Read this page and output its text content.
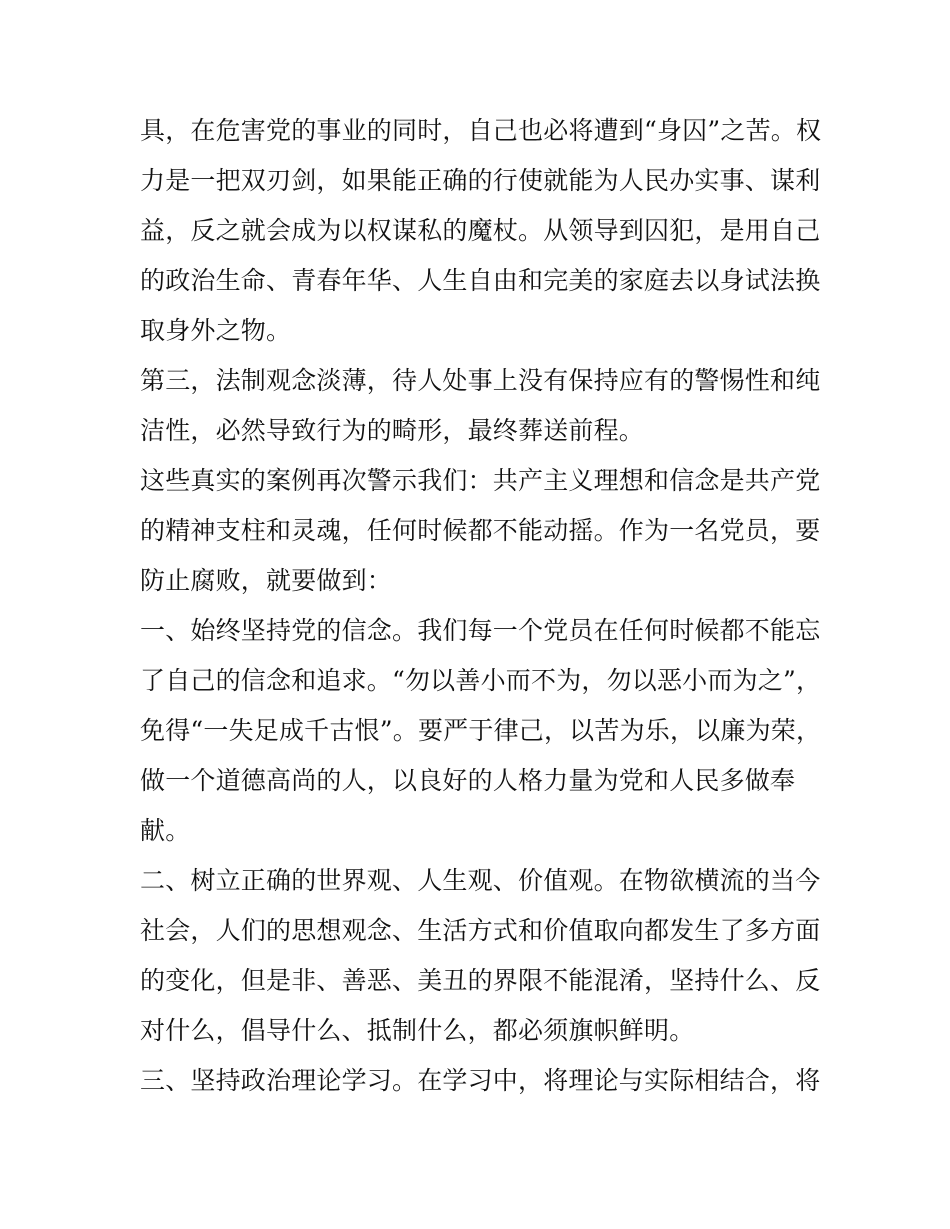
具，在危害党的事业的同时，自己也必将遭到“身囚”之苦。权
力是一把双刃剑，如果能正确的行使就能为人民办实事、谋利
益，反之就会成为以权谋私的魔杖。从领导到囚犯，是用自己
的政治生命、青春年华、人生自由和完美的家庭去以身试法换
取身外之物。
第三，法制观念淡薄，待人处事上没有保持应有的警惕性和纯
洁性，必然导致行为的畸形，最终葬送前程。
这些真实的案例再次警示我们：共产主义理想和信念是共产党
的精神支柱和灵魂，任何时候都不能动摇。作为一名党员，要
防止腐败，就要做到：
一、始终坚持党的信念。我们每一个党员在任何时候都不能忘
了自己的信念和追求。“勿以善小而不为，勿以恶小而为之”，
免得“一失足成千古恨”。要严于律己，以苦为乐，以廉为荣，
做一个道德高尚的人，以良好的人格力量为党和人民多做奉
献。
二、树立正确的世界观、人生观、价值观。在物欲横流的当今
社会，人们的思想观念、生活方式和价值取向都发生了多方面
的变化，但是非、善恶、美丑的界限不能混淆，坚持什么、反
对什么，倡导什么、抵制什么，都必须旗帜鲜明。
三、坚持政治理论学习。在学习中，将理论与实际相结合，将
